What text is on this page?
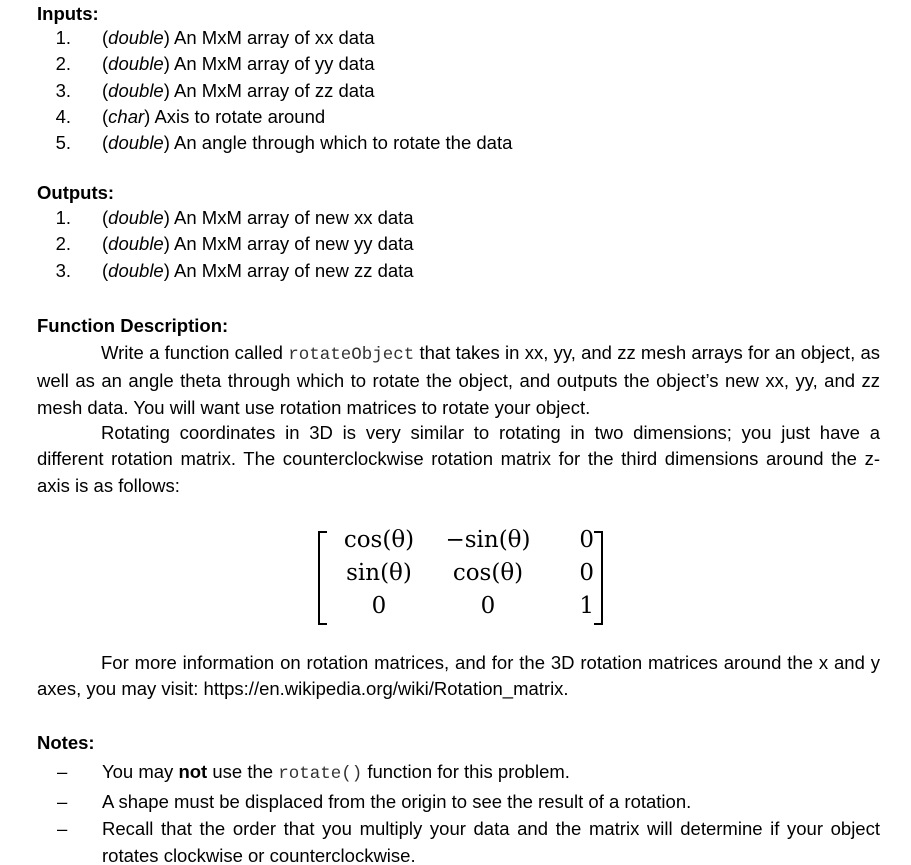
Inputs:
1. (double) An MxM array of xx data
2. (double) An MxM array of yy data
3. (double) An MxM array of zz data
4. (char) Axis to rotate around
5. (double) An angle through which to rotate the data
Outputs:
1. (double) An MxM array of new xx data
2. (double) An MxM array of new yy data
3. (double) An MxM array of new zz data
Function Description:
Write a function called rotateObject that takes in xx, yy, and zz mesh arrays for an object, as well as an angle theta through which to rotate the object, and outputs the object’s new xx, yy, and zz mesh data. You will want use rotation matrices to rotate your object.
Rotating coordinates in 3D is very similar to rotating in two dimensions; you just have a different rotation matrix. The counterclockwise rotation matrix for the third dimensions around the z-axis is as follows:
cos(θ)	−sin(θ)	0
sin(θ)	cos(θ)	0
0	0	1
For more information on rotation matrices, and for the 3D rotation matrices around the x and y axes, you may visit: https://en.wikipedia.org/wiki/Rotation_matrix.
Notes:
– You may not use the rotate() function for this problem.
– A shape must be displaced from the origin to see the result of a rotation.
– Recall that the order that you multiply your data and the matrix will determine if your object rotates clockwise or counterclockwise.
